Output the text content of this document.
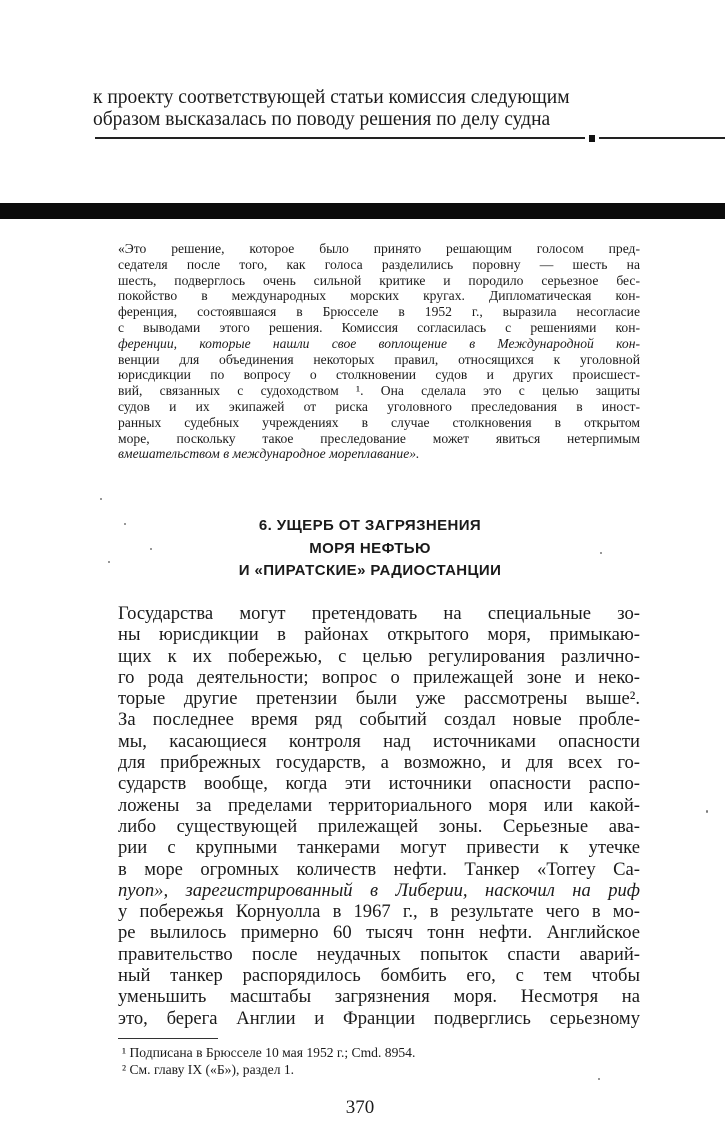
к проекту соответствующей статьи комиссия следующим
образом высказалась по поводу решения по делу судна
«Это решение, которое было принято решающим голосом пред-
седателя после того, как голоса разделились поровну — шесть на
шесть, подверглось очень сильной критике и породило серьезное бес-
покойство в международных морских кругах. Дипломатическая кон-
ференция, состоявшаяся в Брюсселе в 1952 г., выразила несогласие
с выводами этого решения. Комиссия согласилась с решениями кон-
ференции, которые нашли свое воплощение в Международной кон-
венции для объединения некоторых правил, относящихся к уголовной
юрисдикции по вопросу о столкновении судов и других происшест-
вий, связанных с судоходством ¹. Она сделала это с целью защиты
судов и их экипажей от риска уголовного преследования в иност-
ранных судебных учреждениях в случае столкновения в открытом
море, поскольку такое преследование может явиться нетерпимым
вмешательством в международное мореплавание».
6. УЩЕРБ ОТ ЗАГРЯЗНЕНИЯ
МОРЯ НЕФТЬЮ
И «ПИРАТСКИЕ» РАДИОСТАНЦИИ
Государства могут претендовать на специальные зо-
ны юрисдикции в районах открытого моря, примыкаю-
щих к их побережью, с целью регулирования различно-
го рода деятельности; вопрос о прилежащей зоне и неко-
торые другие претензии были уже рассмотрены выше².
За последнее время ряд событий создал новые пробле-
мы, касающиеся контроля над источниками опасности
для прибрежных государств, а возможно, и для всех го-
сударств вообще, когда эти источники опасности распо-
ложены за пределами территориального моря или какой-
либо существующей прилежащей зоны. Серьезные ава-
рии с крупными танкерами могут привести к утечке
в море огромных количеств нефти. Танкер «Torrey Ca-
nyon», зарегистрированный в Либерии, наскочил на риф
у побережья Корнуолла в 1967 г., в результате чего в мо-
ре вылилось примерно 60 тысяч тонн нефти. Английское
правительство после неудачных попыток спасти аварий-
ный танкер распорядилось бомбить его, с тем чтобы
уменьшить масштабы загрязнения моря. Несмотря на
это, берега Англии и Франции подверглись серьезному
¹ Подписана в Брюсселе 10 мая 1952 г.; Cmd. 8954.
² См. главу IX («Б»), раздел 1.
370
